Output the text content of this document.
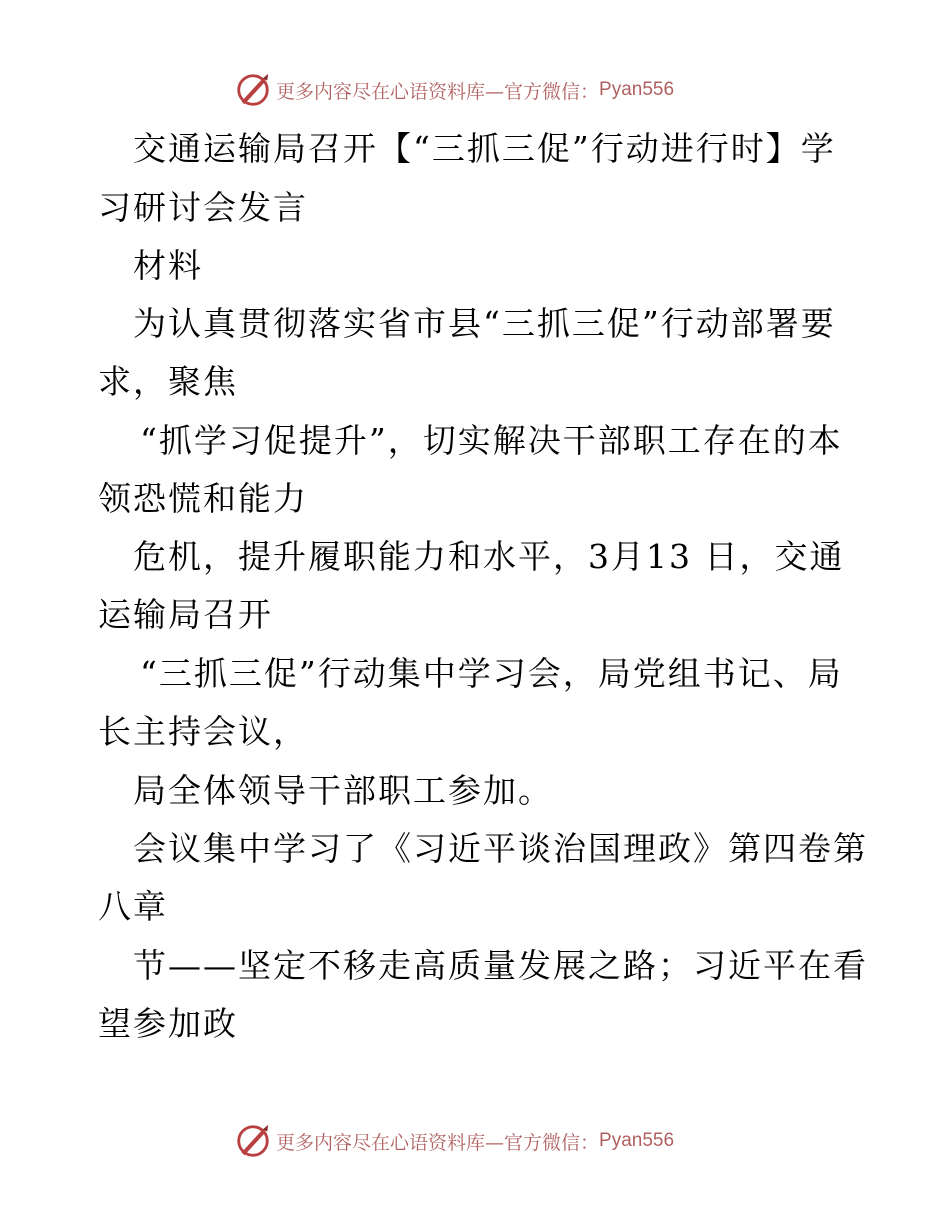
更多内容尽在心语资料库—官方微信： Pyan556
交通运输局召开【“三抓三促”行动进行时】学
习研讨会发言
材料
为认真贯彻落实省市县“三抓三促”行动部署要
求，聚焦
“抓学习促提升”，切实解决干部职工存在的本
领恐慌和能力
危机，提升履职能力和水平，3月13 日，交通
运输局召开
“三抓三促”行动集中学习会，局党组书记、局
长主持会议，
局全体领导干部职工参加。
会议集中学习了《习近平谈治国理政》第四卷第
八章
节——坚定不移走高质量发展之路；习近平在看
望参加政
更多内容尽在心语资料库—官方微信： Pyan556
